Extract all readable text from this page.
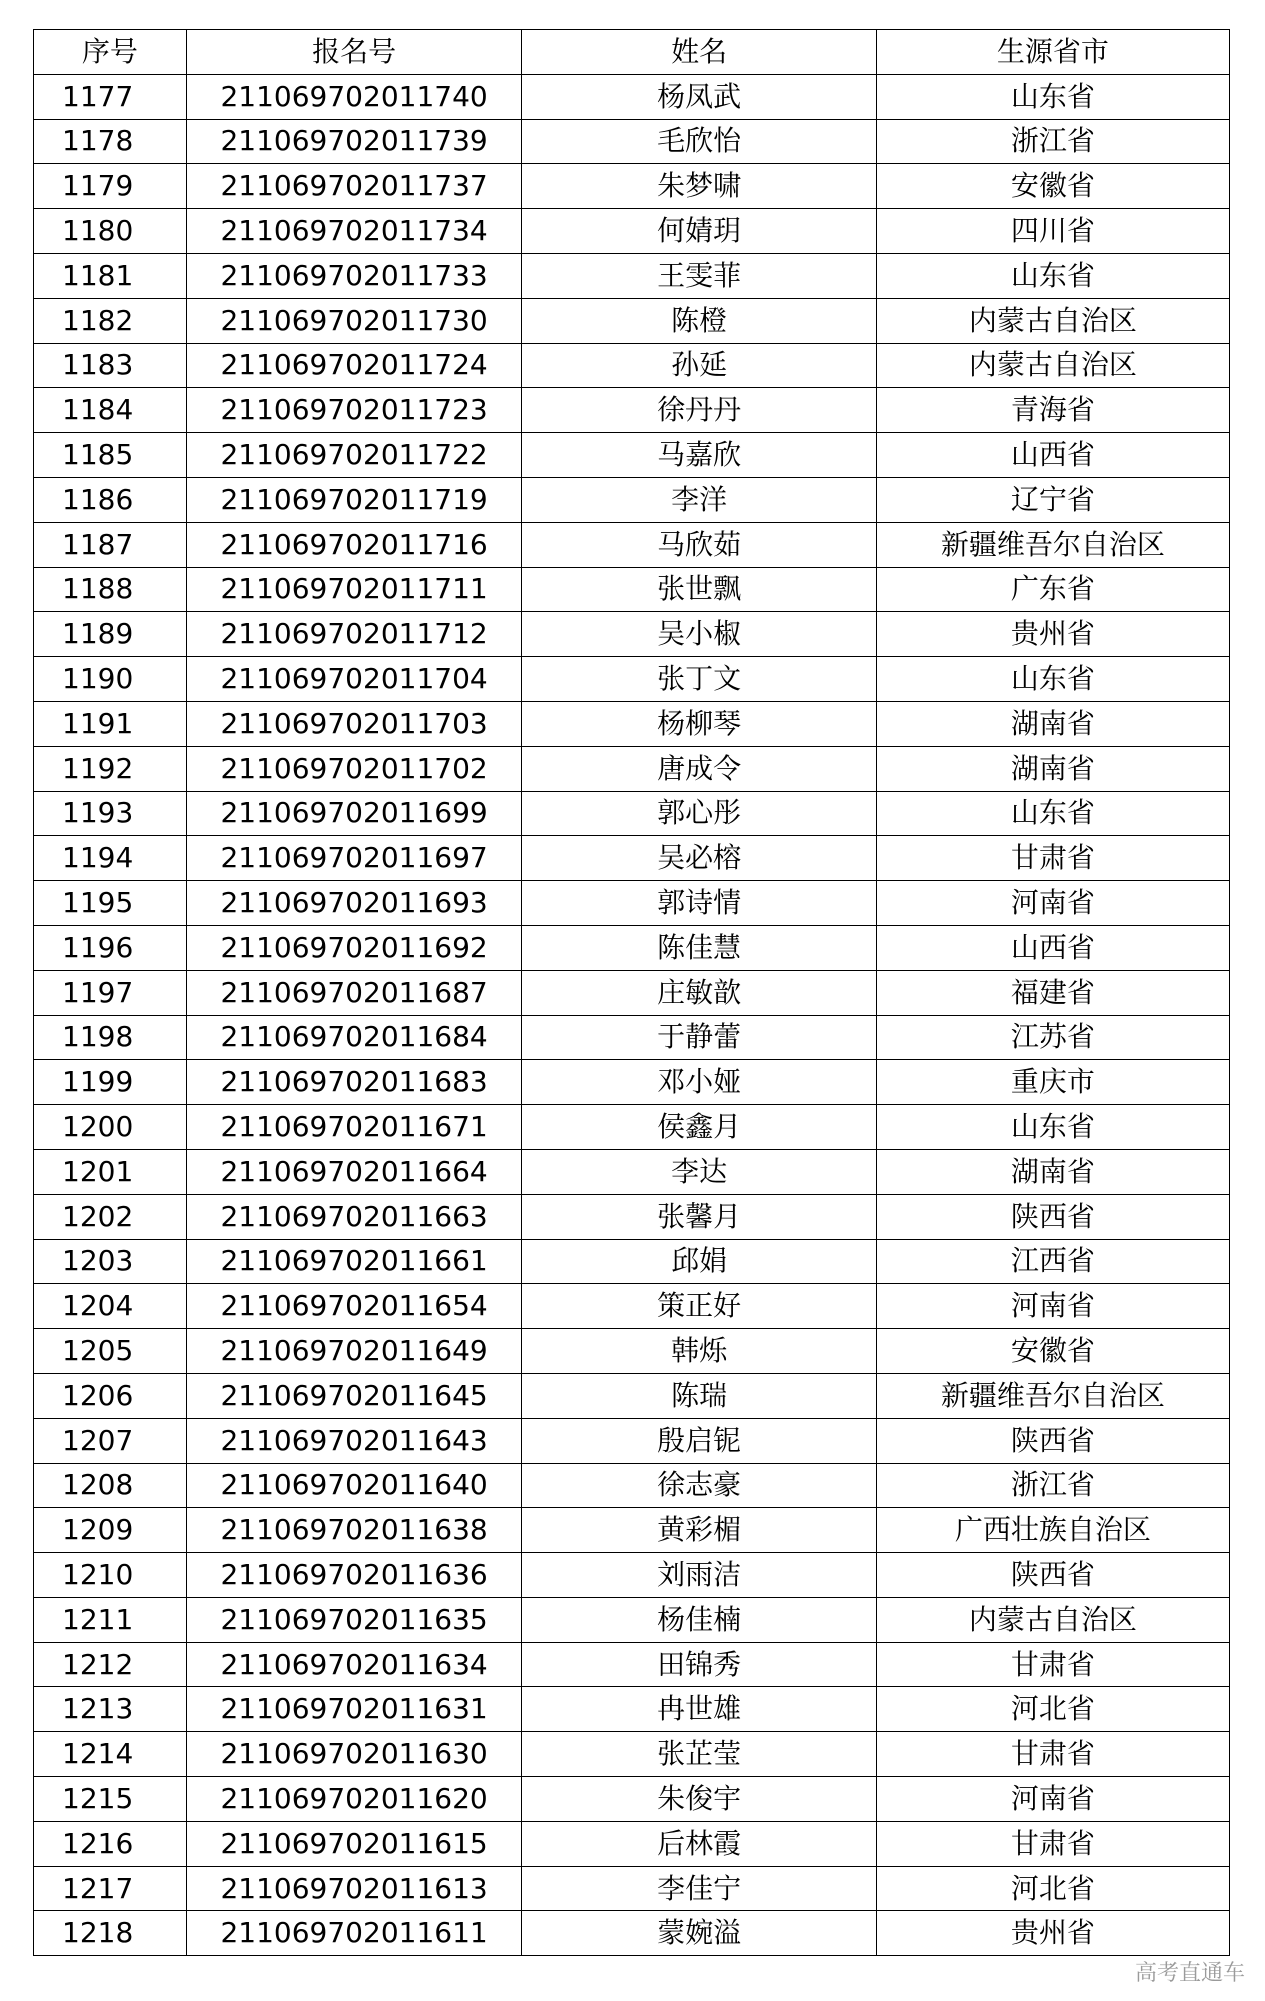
序号	报名号	姓名	生源省市
1177	211069702011740	杨凤武	山东省
1178	211069702011739	毛欣怡	浙江省
1179	211069702011737	朱梦啸	安徽省
1180	211069702011734	何婧玥	四川省
1181	211069702011733	王雯菲	山东省
1182	211069702011730	陈橙	内蒙古自治区
1183	211069702011724	孙延	内蒙古自治区
1184	211069702011723	徐丹丹	青海省
1185	211069702011722	马嘉欣	山西省
1186	211069702011719	李洋	辽宁省
1187	211069702011716	马欣茹	新疆维吾尔自治区
1188	211069702011711	张世飘	广东省
1189	211069702011712	吴小椒	贵州省
1190	211069702011704	张丁文	山东省
1191	211069702011703	杨柳琴	湖南省
1192	211069702011702	唐成令	湖南省
1193	211069702011699	郭心彤	山东省
1194	211069702011697	吴必榕	甘肃省
1195	211069702011693	郭诗情	河南省
1196	211069702011692	陈佳慧	山西省
1197	211069702011687	庄敏歆	福建省
1198	211069702011684	于静蕾	江苏省
1199	211069702011683	邓小娅	重庆市
1200	211069702011671	侯鑫月	山东省
1201	211069702011664	李达	湖南省
1202	211069702011663	张馨月	陕西省
1203	211069702011661	邱娟	江西省
1204	211069702011654	策正好	河南省
1205	211069702011649	韩烁	安徽省
1206	211069702011645	陈瑞	新疆维吾尔自治区
1207	211069702011643	殷启铌	陕西省
1208	211069702011640	徐志豪	浙江省
1209	211069702011638	黄彩楣	广西壮族自治区
1210	211069702011636	刘雨洁	陕西省
1211	211069702011635	杨佳楠	内蒙古自治区
1212	211069702011634	田锦秀	甘肃省
1213	211069702011631	冉世雄	河北省
1214	211069702011630	张芷莹	甘肃省
1215	211069702011620	朱俊宇	河南省
1216	211069702011615	后林霞	甘肃省
1217	211069702011613	李佳宁	河北省
1218	211069702011611	蒙婉溢	贵州省
高考直通车
